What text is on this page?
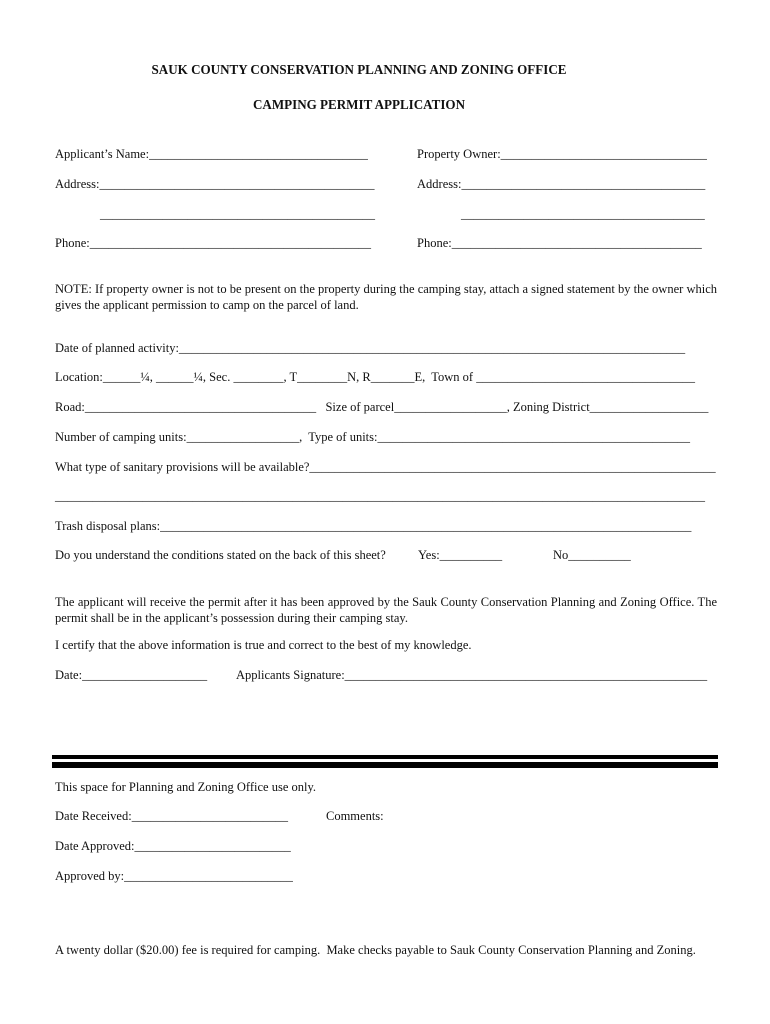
SAUK COUNTY CONSERVATION PLANNING AND ZONING OFFICE
CAMPING PERMIT APPLICATION
Applicant’s Name:___________________________________	Property Owner:_________________________________
Address:____________________________________________	Address:_______________________________________
____________________________________________	_______________________________________
Phone:_____________________________________________	Phone:________________________________________
NOTE: If property owner is not to be present on the property during the camping stay, attach a signed statement by the owner which gives the applicant permission to camp on the parcel of land.
Date of planned activity:_________________________________________________________________________________
Location:______¼, ______¼, Sec. ________, T________N, R_______E,  Town of ___________________________________
Road:_____________________________________   Size of parcel__________________, Zoning District___________________
Number of camping units:__________________,  Type of units:__________________________________________________
What type of sanitary provisions will be available?_________________________________________________________________
________________________________________________________________________________________________________
Trash disposal plans:_____________________________________________________________________________________
Do you understand the conditions stated on the back of this sheet?	Yes:__________	No__________
The applicant will receive the permit after it has been approved by the Sauk County Conservation Planning and Zoning Office. The permit shall be in the applicant’s possession during their camping stay.
I certify that the above information is true and correct to the best of my knowledge.
Date:____________________ Applicants Signature:__________________________________________________________
This space for Planning and Zoning Office use only.
Date Received:_________________________	Comments:
Date Approved:_________________________
Approved by:___________________________
A twenty dollar ($20.00) fee is required for camping.  Make checks payable to Sauk County Conservation Planning and Zoning.
